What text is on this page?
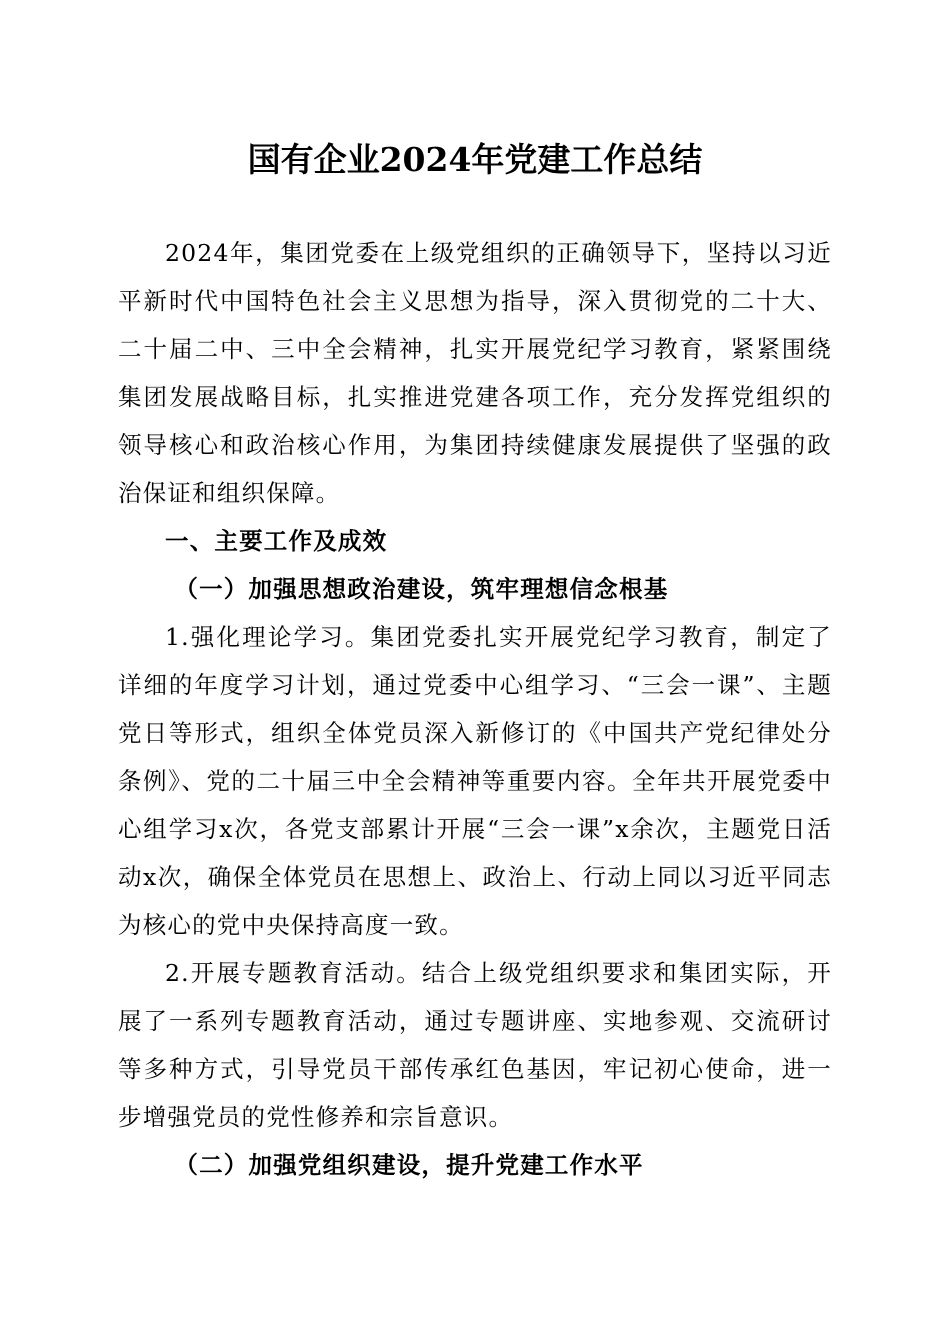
国有企业2024年党建工作总结

2024年，集团党委在上级党组织的正确领导下，坚持以习近平新时代中国特色社会主义思想为指导，深入贯彻党的二十大、二十届二中、三中全会精神，扎实开展党纪学习教育，紧紧围绕集团发展战略目标，扎实推进党建各项工作，充分发挥党组织的领导核心和政治核心作用，为集团持续健康发展提供了坚强的政治保证和组织保障。

一、主要工作及成效

（一）加强思想政治建设，筑牢理想信念根基

1.强化理论学习。集团党委扎实开展党纪学习教育，制定了详细的年度学习计划，通过党委中心组学习、“三会一课”、主题党日等形式，组织全体党员深入新修订的《中国共产党纪律处分条例》、党的二十届三中全会精神等重要内容。全年共开展党委中心组学习x次，各党支部累计开展“三会一课”x余次，主题党日活动x次，确保全体党员在思想上、政治上、行动上同以习近平同志为核心的党中央保持高度一致。

2.开展专题教育活动。结合上级党组织要求和集团实际，开展了一系列专题教育活动，通过专题讲座、实地参观、交流研讨等多种方式，引导党员干部传承红色基因，牢记初心使命，进一步增强党员的党性修养和宗旨意识。

（二）加强党组织建设，提升党建工作水平
